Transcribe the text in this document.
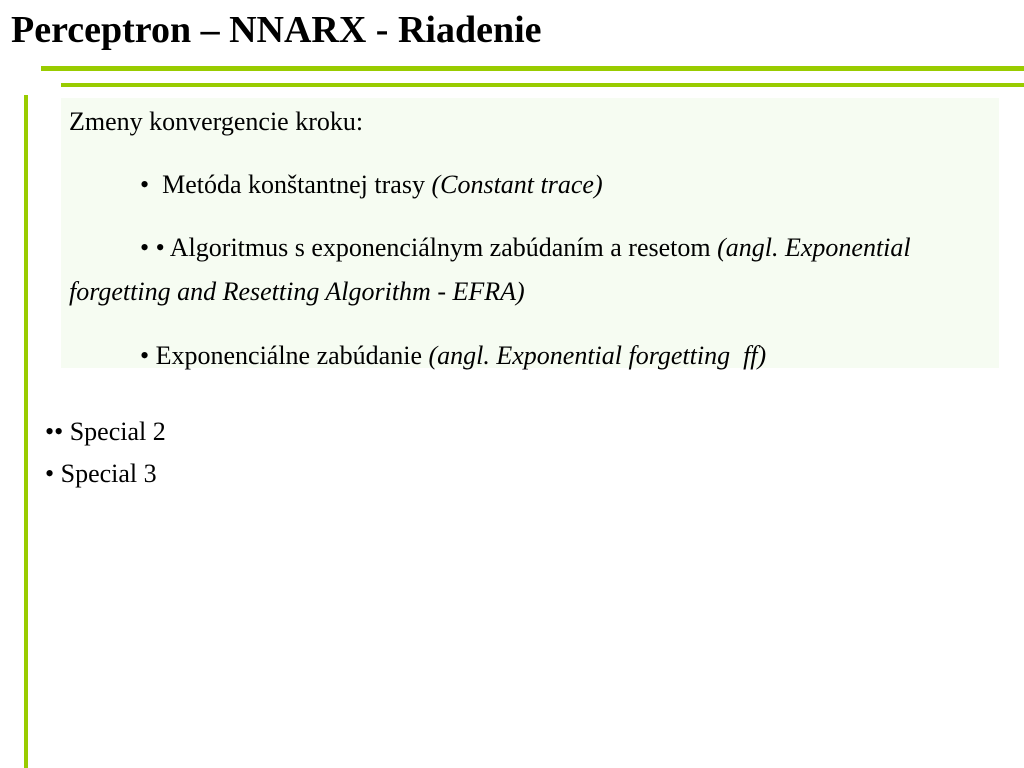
Perceptron – NNARX - Riadenie

Zmeny konvergencie kroku:

•  Metóda konštantnej trasy (Constant trace)

• • Algoritmus s exponenciálnym zabúdaním a resetom (angl. Exponential forgetting and Resetting Algorithm - EFRA)

• Exponenciálne zabúdanie (angl. Exponential forgetting  ff)

•• Special 2

• Special 3
